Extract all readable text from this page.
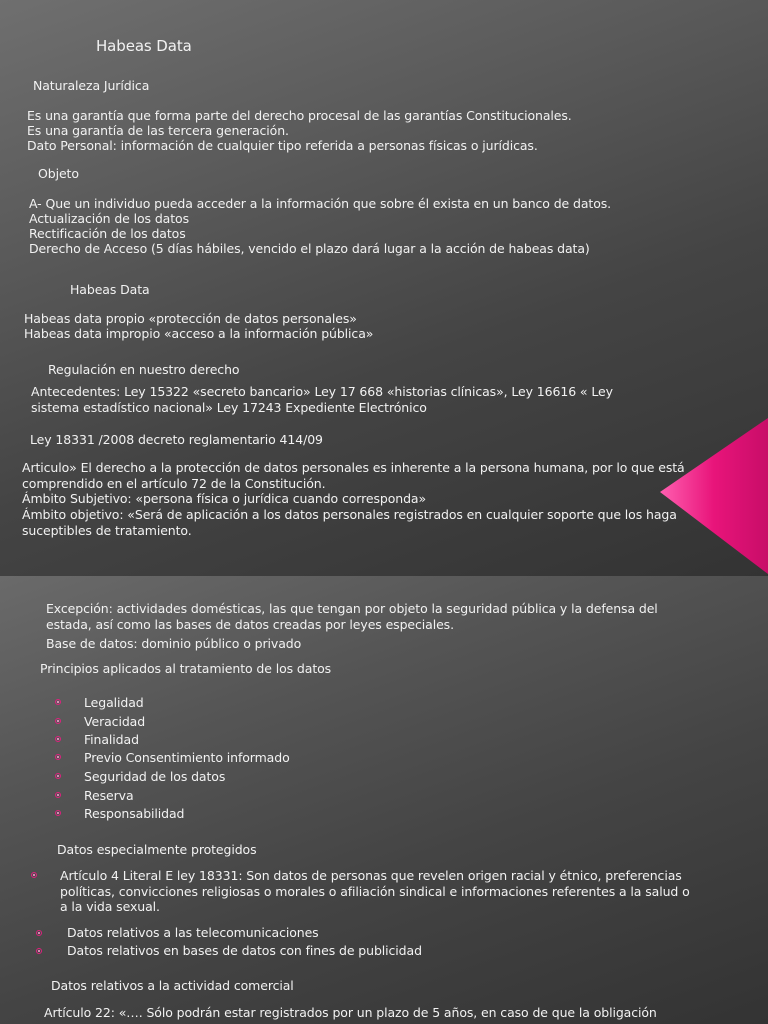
Habeas Data
Naturaleza Jurídica
Es una garantía que forma parte del derecho procesal de las garantías Constitucionales.
Es una garantía de las tercera generación.
Dato Personal: información de cualquier tipo referida a personas físicas o jurídicas.
Objeto
A- Que un individuo pueda acceder a la información que sobre él exista en un banco de datos.
Actualización de los datos
Rectificación de los datos
Derecho de Acceso (5 días hábiles, vencido el plazo dará lugar a la acción de habeas data)
Habeas Data
Habeas data propio «protección de datos personales»
Habeas data impropio «acceso a la información pública»
Regulación en nuestro derecho
Antecedentes: Ley 15322 «secreto bancario» Ley 17 668 «historias clínicas», Ley 16616 « Ley sistema estadístico nacional» Ley 17243 Expediente Electrónico
Ley 18331 /2008 decreto reglamentario 414/09
Articulo» El derecho a la protección de datos personales es inherente a la persona humana, por lo que está comprendido en el artículo 72 de la Constitución.
Ámbito Subjetivo: «persona física o jurídica cuando corresponda»
Ámbito objetivo: «Será de aplicación a los datos personales registrados en cualquier soporte que los haga suceptibles de tratamiento.
Excepción: actividades domésticas, las que tengan por objeto la seguridad pública y la defensa del estada, así como las bases de datos creadas por leyes especiales.
Base de datos: dominio público o privado
Principios aplicados al tratamiento de los datos
Legalidad
Veracidad
Finalidad
Previo Consentimiento informado
Seguridad de los datos
Reserva
Responsabilidad
Datos especialmente protegidos
Artículo 4 Literal E ley 18331: Son datos de personas que revelen origen racial y étnico, preferencias políticas, convicciones religiosas o morales o afiliación sindical e informaciones referentes a la salud o a la vida sexual.
Datos relativos a las telecomunicaciones
Datos relativos en bases de datos con fines de publicidad
Datos relativos a la actividad comercial
Artículo 22: «…. Sólo podrán estar registrados por un plazo de 5 años, en caso de que la obligación
